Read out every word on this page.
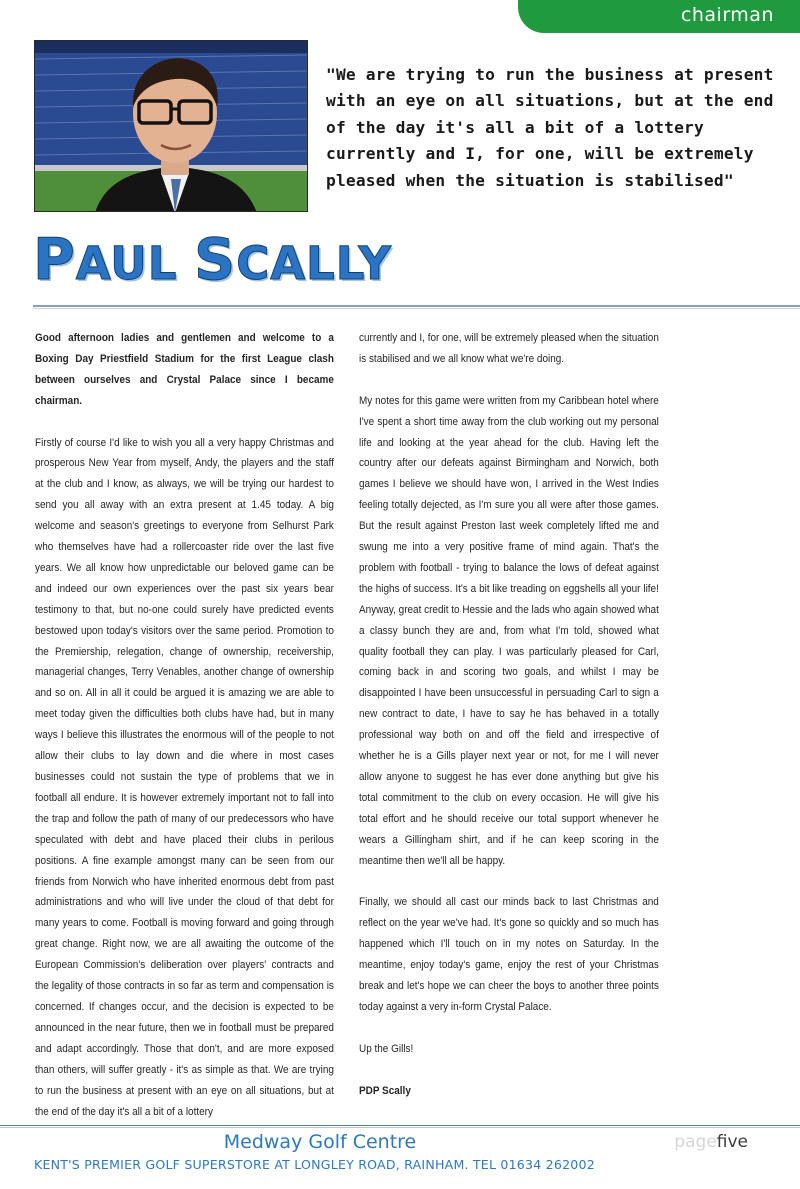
chairman
"We are trying to run the business at present with an eye on all situations, but at the end of the day it's all a bit of a lottery currently and I, for one, will be extremely pleased when the situation is stabilised"
PAUL SCALLY

Good afternoon ladies and gentlemen and welcome to a Boxing Day Priestfield Stadium for the first League clash between ourselves and Crystal Palace since I became chairman.

Firstly of course I'd like to wish you all a very happy Christmas and prosperous New Year from myself, Andy, the players and the staff at the club and I know, as always, we will be trying our hardest to send you all away with an extra present at 1.45 today. A big welcome and season's greetings to everyone from Selhurst Park who themselves have had a rollercoaster ride over the last five years. We all know how unpredictable our beloved game can be and indeed our own experiences over the past six years bear testimony to that, but no-one could surely have predicted events bestowed upon today's visitors over the same period. Promotion to the Premiership, relegation, change of ownership, receivership, managerial changes, Terry Venables, another change of ownership and so on. All in all it could be argued it is amazing we are able to meet today given the difficulties both clubs have had, but in many ways I believe this illustrates the enormous will of the people to not allow their clubs to lay down and die where in most cases businesses could not sustain the type of problems that we in football all endure. It is however extremely important not to fall into the trap and follow the path of many of our predecessors who have speculated with debt and have placed their clubs in perilous positions. A fine example amongst many can be seen from our friends from Norwich who have inherited enormous debt from past administrations and who will live under the cloud of that debt for many years to come. Football is moving forward and going through great change. Right now, we are all awaiting the outcome of the European Commission's deliberation over players' contracts and the legality of those contracts in so far as term and compensation is concerned. If changes occur, and the decision is expected to be announced in the near future, then we in football must be prepared and adapt accordingly. Those that don't, and are more exposed than others, will suffer greatly - it's as simple as that. We are trying to run the business at present with an eye on all situations, but at the end of the day it's all a bit of a lottery

currently and I, for one, will be extremely pleased when the situation is stabilised and we all know what we're doing.

My notes for this game were written from my Caribbean hotel where I've spent a short time away from the club working out my personal life and looking at the year ahead for the club. Having left the country after our defeats against Birmingham and Norwich, both games I believe we should have won, I arrived in the West Indies feeling totally dejected, as I'm sure you all were after those games. But the result against Preston last week completely lifted me and swung me into a very positive frame of mind again. That's the problem with football - trying to balance the lows of defeat against the highs of success. It's a bit like treading on eggshells all your life! Anyway, great credit to Hessie and the lads who again showed what a classy bunch they are and, from what I'm told, showed what quality football they can play. I was particularly pleased for Carl, coming back in and scoring two goals, and whilst I may be disappointed I have been unsuccessful in persuading Carl to sign a new contract to date, I have to say he has behaved in a totally professional way both on and off the field and irrespective of whether he is a Gills player next year or not, for me I will never allow anyone to suggest he has ever done anything but give his total commitment to the club on every occasion. He will give his total effort and he should receive our total support whenever he wears a Gillingham shirt, and if he can keep scoring in the meantime then we'll all be happy.

Finally, we should all cast our minds back to last Christmas and reflect on the year we've had. It's gone so quickly and so much has happened which I'll touch on in my notes on Saturday. In the meantime, enjoy today's game, enjoy the rest of your Christmas break and let's hope we can cheer the boys to another three points today against a very in-form Crystal Palace.

Up the Gills!

PDP Scally

Medway Golf Centre
KENT'S PREMIER GOLF SUPERSTORE AT LONGLEY ROAD, RAINHAM. TEL 01634 262002
pagefive
